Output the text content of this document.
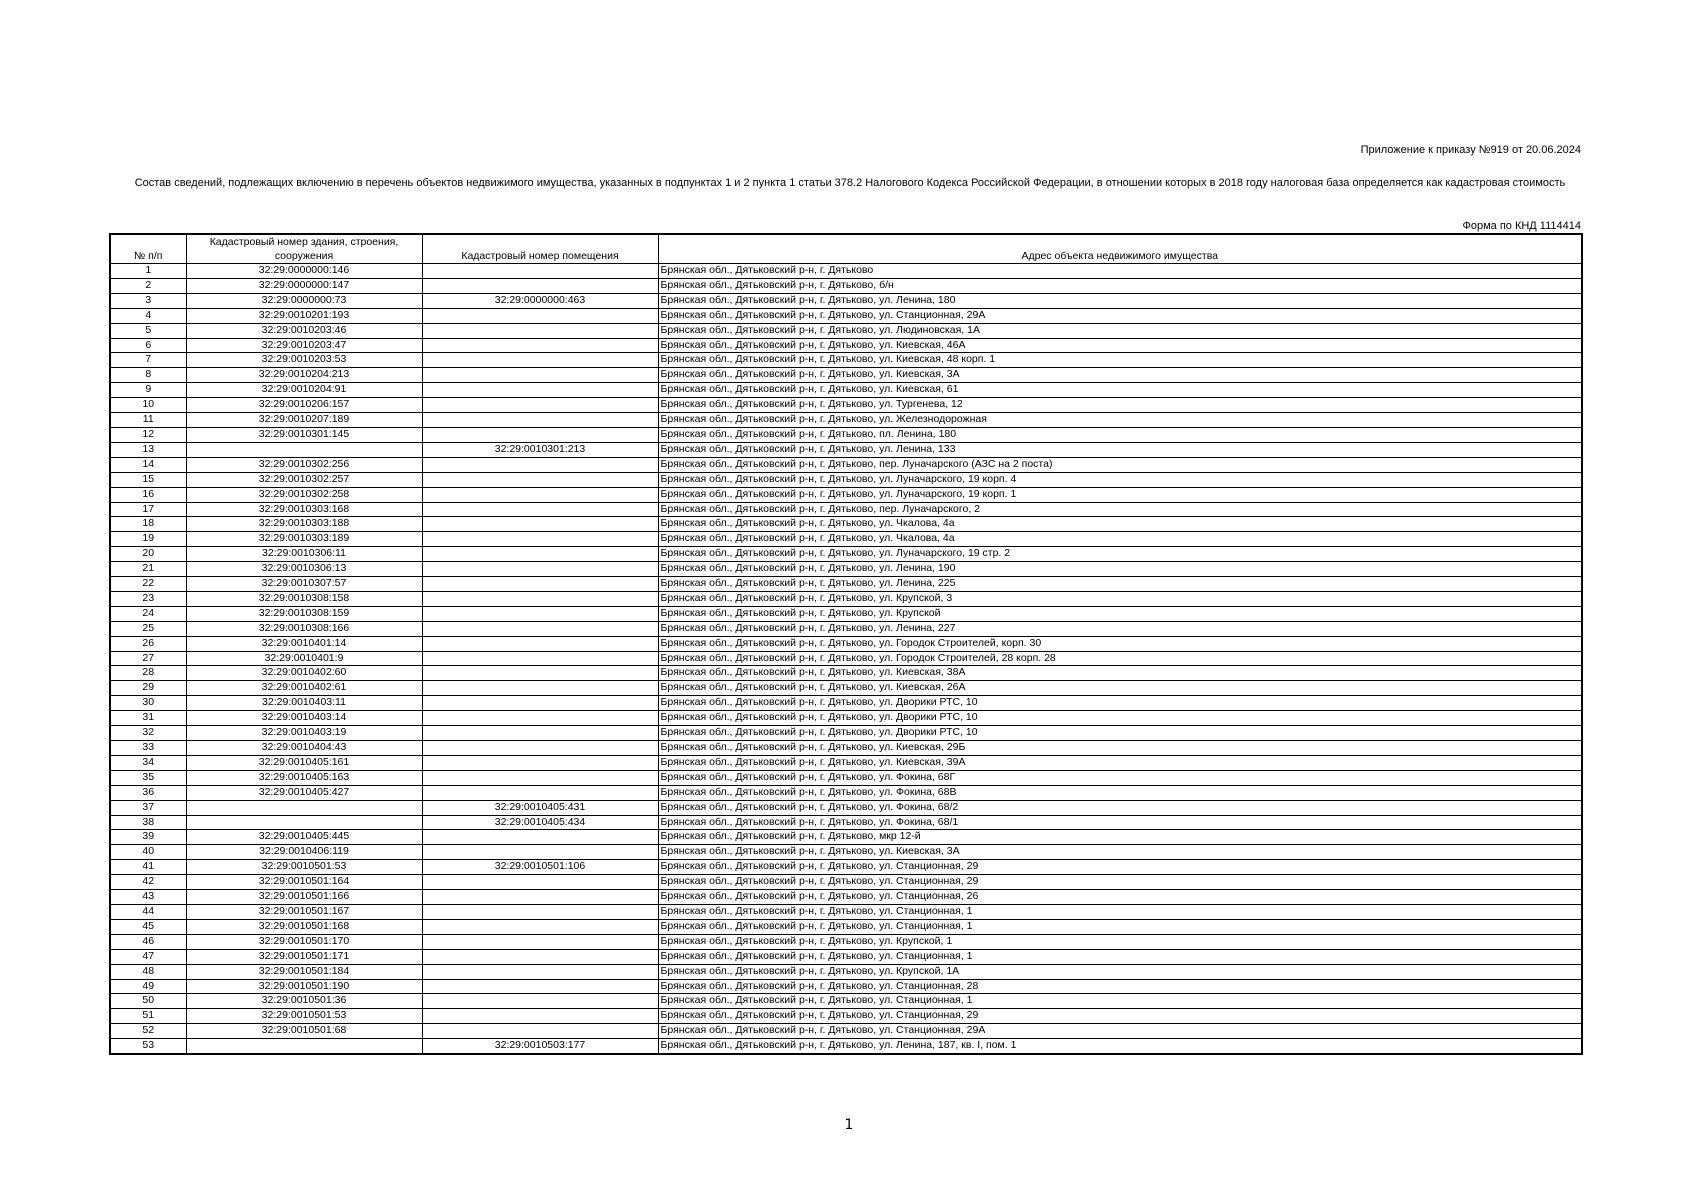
Приложение к приказу №919 от 20.06.2024
Состав сведений, подлежащих включению в перечень объектов недвижимого имущества, указанных в подпунктах 1 и 2 пункта 1 статьи 378.2 Налогового Кодекса Российской Федерации, в отношении которых в 2018 году налоговая база определяется как кадастровая стоимость
Форма по КНД 1114414
№ п/п	Кадастровый номер здания, строения, сооружения	Кадастровый номер помещения	Адрес объекта недвижимого имущества
1	32:29:0000000:146		Брянская обл., Дятьковский р-н, г. Дятьково
2	32:29:0000000:147		Брянская обл., Дятьковский р-н, г. Дятьково, б/н
3	32:29:0000000:73	32:29:0000000:463	Брянская обл., Дятьковский р-н, г. Дятьково, ул. Ленина, 180
4	32:29:0010201:193		Брянская обл., Дятьковский р-н, г. Дятьково, ул. Станционная, 29А
5	32:29:0010203:46		Брянская обл., Дятьковский р-н, г. Дятьково, ул. Людиновская, 1А
6	32:29:0010203:47		Брянская обл., Дятьковский р-н, г. Дятьково, ул. Киевская, 46А
7	32:29:0010203:53		Брянская обл., Дятьковский р-н, г. Дятьково, ул. Киевская, 48 корп. 1
8	32:29:0010204:213		Брянская обл., Дятьковский р-н, г. Дятьково, ул. Киевская, 3А
9	32:29:0010204:91		Брянская обл., Дятьковский р-н, г. Дятьково, ул. Киевская, 61
10	32:29:0010206:157		Брянская обл., Дятьковский р-н, г. Дятьково, ул. Тургенева, 12
11	32:29:0010207:189		Брянская обл., Дятьковский р-н, г. Дятьково, ул. Железнодорожная
12	32:29:0010301:145		Брянская обл., Дятьковский р-н, г. Дятьково, пл. Ленина, 180
13		32:29:0010301:213	Брянская обл., Дятьковский р-н, г. Дятьково, ул. Ленина, 133
14	32:29:0010302:256		Брянская обл., Дятьковский р-н, г. Дятьково, пер. Луначарского (АЗС на 2 поста)
15	32:29:0010302:257		Брянская обл., Дятьковский р-н, г. Дятьково, ул. Луначарского, 19 корп. 4
16	32:29:0010302:258		Брянская обл., Дятьковский р-н, г. Дятьково, ул. Луначарского, 19 корп. 1
17	32:29:0010303:168		Брянская обл., Дятьковский р-н, г. Дятьково, пер. Луначарского, 2
18	32:29:0010303:188		Брянская обл., Дятьковский р-н, г. Дятьково, ул. Чкалова, 4а
19	32:29:0010303:189		Брянская обл., Дятьковский р-н, г. Дятьково, ул. Чкалова, 4а
20	32:29:0010306:11		Брянская обл., Дятьковский р-н, г. Дятьково, ул. Луначарского, 19 стр. 2
21	32:29:0010306:13		Брянская обл., Дятьковский р-н, г. Дятьково, ул. Ленина, 190
22	32:29:0010307:57		Брянская обл., Дятьковский р-н, г. Дятьково, ул. Ленина, 225
23	32:29:0010308:158		Брянская обл., Дятьковский р-н, г. Дятьково, ул. Крупской, 3
24	32:29:0010308:159		Брянская обл., Дятьковский р-н, г. Дятьково, ул. Крупской
25	32:29:0010308:166		Брянская обл., Дятьковский р-н, г. Дятьково, ул. Ленина, 227
26	32:29:0010401:14		Брянская обл., Дятьковский р-н, г. Дятьково, ул. Городок Строителей, корп. 30
27	32:29:0010401:9		Брянская обл., Дятьковский р-н, г. Дятьково, ул. Городок Строителей, 28 корп. 28
28	32:29:0010402:60		Брянская обл., Дятьковский р-н, г. Дятьково, ул. Киевская, 38А
29	32:29:0010402:61		Брянская обл., Дятьковский р-н, г. Дятьково, ул. Киевская, 26А
30	32:29:0010403:11		Брянская обл., Дятьковский р-н, г. Дятьково, ул. Дворики РТС, 10
31	32:29:0010403:14		Брянская обл., Дятьковский р-н, г. Дятьково, ул. Дворики РТС, 10
32	32:29:0010403:19		Брянская обл., Дятьковский р-н, г. Дятьково, ул. Дворики РТС, 10
33	32:29:0010404:43		Брянская обл., Дятьковский р-н, г. Дятьково, ул. Киевская, 29Б
34	32:29:0010405:161		Брянская обл., Дятьковский р-н, г. Дятьково, ул. Киевская, 39А
35	32:29:0010405:163		Брянская обл., Дятьковский р-н, г. Дятьково, ул. Фокина, 68Г
36	32:29:0010405:427		Брянская обл., Дятьковский р-н, г. Дятьково, ул. Фокина, 68В
37		32:29:0010405:431	Брянская обл., Дятьковский р-н, г. Дятьково, ул. Фокина, 68/2
38		32:29:0010405:434	Брянская обл., Дятьковский р-н, г. Дятьково, ул. Фокина, 68/1
39	32:29:0010405:445		Брянская обл., Дятьковский р-н, г. Дятьково, мкр 12-й
40	32:29:0010406:119		Брянская обл., Дятьковский р-н, г. Дятьково, ул. Киевская, 3А
41	32:29:0010501:53	32:29:0010501:106	Брянская обл., Дятьковский р-н, г. Дятьково, ул. Станционная, 29
42	32:29:0010501:164		Брянская обл., Дятьковский р-н, г. Дятьково, ул. Станционная, 29
43	32:29:0010501:166		Брянская обл., Дятьковский р-н, г. Дятьково, ул. Станционная, 26
44	32:29:0010501:167		Брянская обл., Дятьковский р-н, г. Дятьково, ул. Станционная, 1
45	32:29:0010501:168		Брянская обл., Дятьковский р-н, г. Дятьково, ул. Станционная, 1
46	32:29:0010501:170		Брянская обл., Дятьковский р-н, г. Дятьково, ул. Крупской, 1
47	32:29:0010501:171		Брянская обл., Дятьковский р-н, г. Дятьково, ул. Станционная, 1
48	32:29:0010501:184		Брянская обл., Дятьковский р-н, г. Дятьково, ул. Крупской, 1А
49	32:29:0010501:190		Брянская обл., Дятьковский р-н, г. Дятьково, ул. Станционная, 28
50	32:29:0010501:36		Брянская обл., Дятьковский р-н, г. Дятьково, ул. Станционная, 1
51	32:29:0010501:53		Брянская обл., Дятьковский р-н, г. Дятьково, ул. Станционная, 29
52	32:29:0010501:68		Брянская обл., Дятьковский р-н, г. Дятьково, ул. Станционная, 29А
53		32:29:0010503:177	Брянская обл., Дятьковский р-н, г. Дятьково, ул. Ленина, 187, кв. I, пом. 1
1
